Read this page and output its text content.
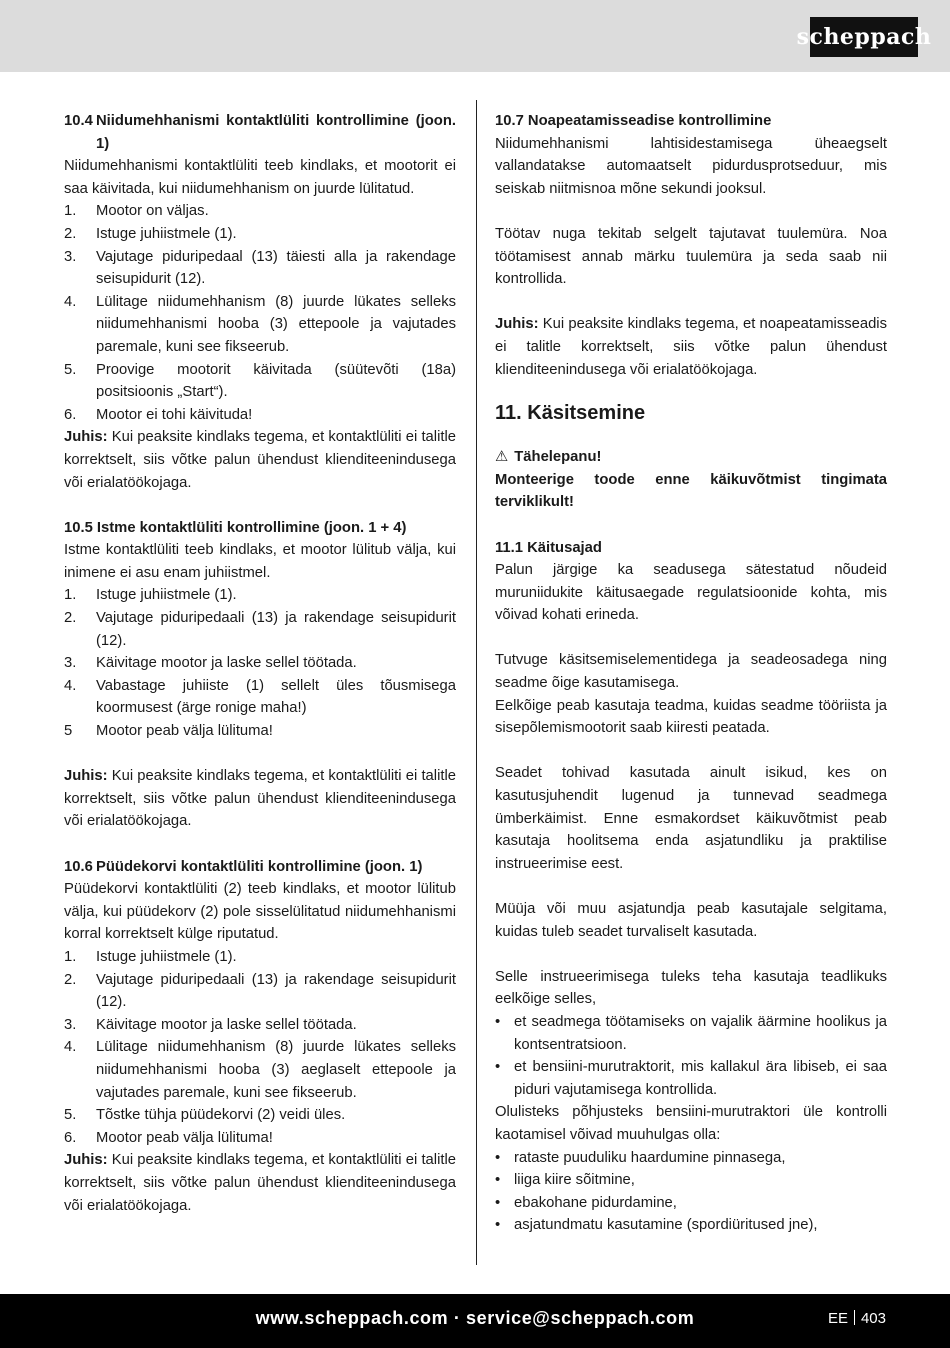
scheppach

10.4 Niidumehhanismi kontaktlüliti kontrollimine (joon. 1)

Niidumehhanismi kontaktlüliti teeb kindlaks, et mootorit ei saa käivitada, kui niidumehhanism on juurde lülitatud.

1. Mootor on väljas.
2. Istuge juhiistmele (1).
3. Vajutage piduripedaal (13) täiesti alla ja rakendage seisupidurit (12).
4. Lülitage niidumehhanism (8) juurde lükates selleks niidumehhanismi hooba (3) ettepoole ja vajutades paremale, kuni see fikseerub.
5. Proovige mootorit käivitada (süütevõti (18a) positsioonis „Start“).
6. Mootor ei tohi käivituda!

Juhis: Kui peaksite kindlaks tegema, et kontaktlüliti ei talitle korrektselt, siis võtke palun ühendust klienditeenindusega või erialatöökojaga.

10.5 Istme kontaktlüliti kontrollimine (joon. 1 + 4)

Istme kontaktlüliti teeb kindlaks, et mootor lülitub välja, kui inimene ei asu enam juhiistmel.

1. Istuge juhiistmele (1).
2. Vajutage piduripedaali (13) ja rakendage seisupidurit (12).
3. Käivitage mootor ja laske sellel töötada.
4. Vabastage juhiiste (1) sellelt üles tõusmisega koormusest (ärge ronige maha!)
5 Mootor peab välja lülituma!

Juhis: Kui peaksite kindlaks tegema, et kontaktlüliti ei talitle korrektselt, siis võtke palun ühendust klienditeenindusega või erialatöökojaga.

10.6 Püüdekorvi kontaktlüliti kontrollimine (joon. 1)

Püüdekorvi kontaktlüliti (2) teeb kindlaks, et mootor lülitub välja, kui püüdekorv (2) pole sisselülitatud niidumehhanismi korral korrektselt külge riputatud.

1. Istuge juhiistmele (1).
2. Vajutage piduripedaali (13) ja rakendage seisupidurit (12).
3. Käivitage mootor ja laske sellel töötada.
4. Lülitage niidumehhanism (8) juurde lükates selleks niidumehhanismi hooba (3) aeglaselt ettepoole ja vajutades paremale, kuni see fikseerub.
5. Tõstke tühja püüdekorvi (2) veidi üles.
6. Mootor peab välja lülituma!

Juhis: Kui peaksite kindlaks tegema, et kontaktlüliti ei talitle korrektselt, siis võtke palun ühendust klienditeenindusega või erialatöökojaga.

10.7 Noapeatamisseadise kontrollimine

Niidumehhanismi lahtisidestamisega üheaegselt vallandatakse automaatselt pidurdusprotseduur, mis seiskab niitmisnoa mõne sekundi jooksul.

Töötav nuga tekitab selgelt tajutavat tuulemüra. Noa töötamisest annab märku tuulemüra ja seda saab nii kontrollida.

Juhis: Kui peaksite kindlaks tegema, et noapeatamisseadis ei talitle korrektselt, siis võtke palun ühendust klienditeenindusega või erialatöökojaga.

11. Käsitsemine

⚠ Tähelepanu!

Monteerige toode enne käikuvõtmist tingimata terviklikult!

11.1 Käitusajad

Palun järgige ka seadusega sätestatud nõudeid muruniidukite käitusaegade regulatsioonide kohta, mis võivad kohati erineda.

Tutvuge käsitsemiselementidega ja seadeosadega ning seadme õige kasutamisega.

Eelkõige peab kasutaja teadma, kuidas seadme tööriista ja sisepõlemismootorit saab kiiresti peatada.

Seadet tohivad kasutada ainult isikud, kes on kasutusjuhendit lugenud ja tunnevad seadmega ümberkäimist. Enne esmakordset käikuvõtmist peab kasutaja hoolitsema enda asjatundliku ja praktilise instrueerimise eest.

Müüja või muu asjatundja peab kasutajale selgitama, kuidas tuleb seadet turvaliselt kasutada.

Selle instrueerimisega tuleks teha kasutaja teadlikuks eelkõige selles,

• et seadmega töötamiseks on vajalik äärmine hoolikus ja kontsentratsioon.
• et bensiini-murutraktorit, mis kallakul ära libiseb, ei saa piduri vajutamisega kontrollida.

Olulisteks põhjusteks bensiini-murutraktori üle kontrolli kaotamisel võivad muuhulgas olla:

• rataste puuduliku haardumine pinnasega,
• liiga kiire sõitmine,
• ebakohane pidurdamine,
• asjatundmatu kasutamine (spordiüritused jne),
www.scheppach.com · service@scheppach.com	EE 403
